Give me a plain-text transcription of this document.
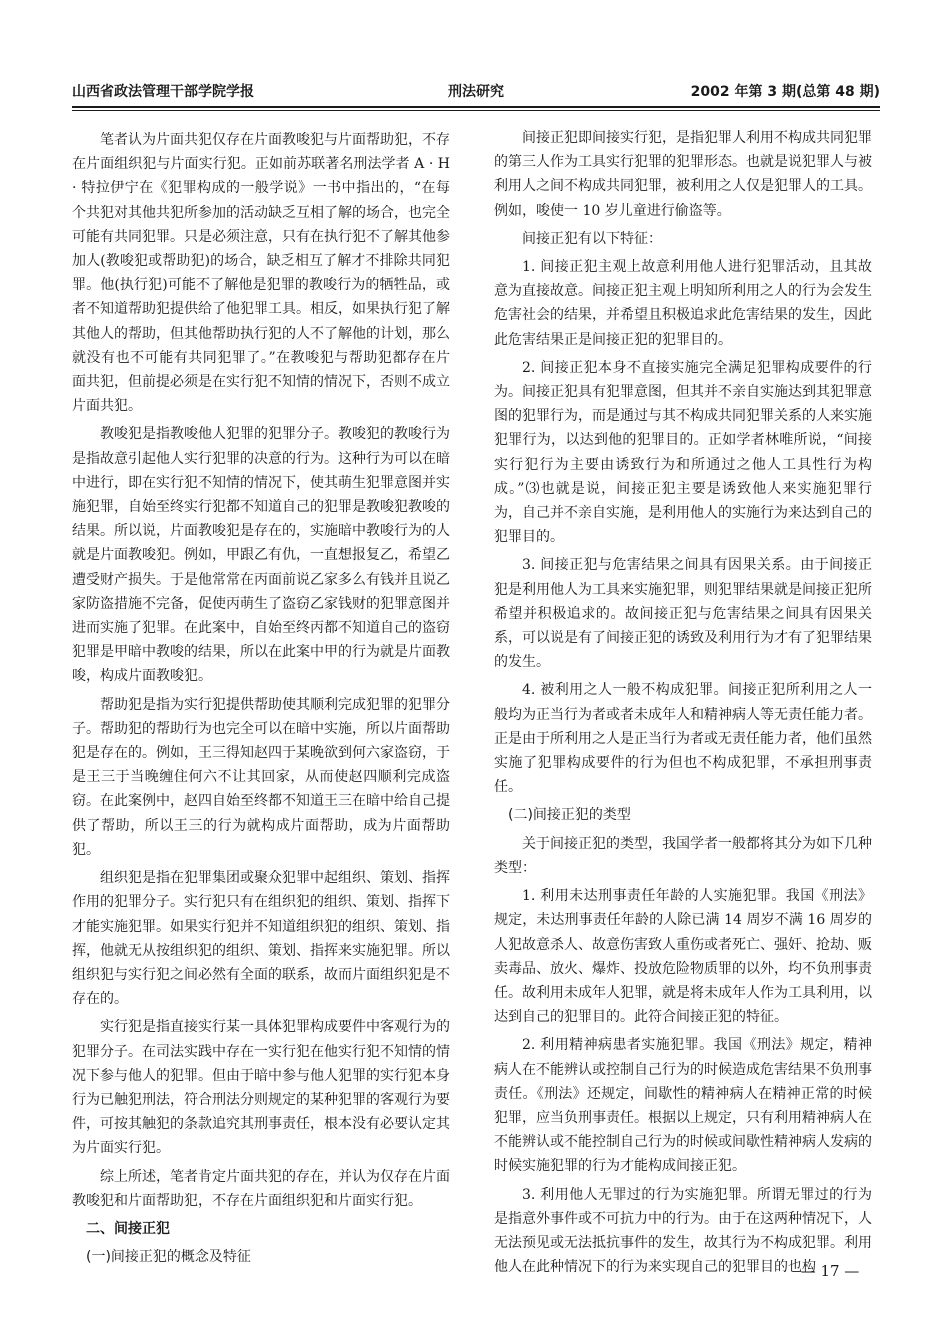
山西省政法管理干部学院学报	刑法研究	2002 年第 3 期(总第 48 期)

笔者认为片面共犯仅存在片面教唆犯与片面帮助犯，不存在片面组织犯与片面实行犯。正如前苏联著名刑法学者 A · H · 特拉伊宁在《犯罪构成的一般学说》一书中指出的，“在每个共犯对其他共犯所参加的活动缺乏互相了解的场合，也完全可能有共同犯罪。只是必须注意，只有在执行犯不了解其他参加人(教唆犯或帮助犯)的场合，缺乏相互了解才不排除共同犯罪。他(执行犯)可能不了解他是犯罪的教唆行为的牺牲品，或者不知道帮助犯提供给了他犯罪工具。相反，如果执行犯了解其他人的帮助，但其他帮助执行犯的人不了解他的计划，那么就没有也不可能有共同犯罪了。”在教唆犯与帮助犯都存在片面共犯，但前提必须是在实行犯不知情的情况下，否则不成立片面共犯。

教唆犯是指教唆他人犯罪的犯罪分子。教唆犯的教唆行为是指故意引起他人实行犯罪的决意的行为。这种行为可以在暗中进行，即在实行犯不知情的情况下，使其萌生犯罪意图并实施犯罪，自始至终实行犯都不知道自己的犯罪是教唆犯教唆的结果。所以说，片面教唆犯是存在的，实施暗中教唆行为的人就是片面教唆犯。例如，甲跟乙有仇，一直想报复乙，希望乙遭受财产损失。于是他常常在丙面前说乙家多么有钱并且说乙家防盗措施不完备，促使丙萌生了盗窃乙家钱财的犯罪意图并进而实施了犯罪。在此案中，自始至终丙都不知道自己的盗窃犯罪是甲暗中教唆的结果，所以在此案中甲的行为就是片面教唆，构成片面教唆犯。

帮助犯是指为实行犯提供帮助使其顺利完成犯罪的犯罪分子。帮助犯的帮助行为也完全可以在暗中实施，所以片面帮助犯是存在的。例如，王三得知赵四于某晚欲到何六家盗窃，于是王三于当晚缠住何六不让其回家，从而使赵四顺利完成盗窃。在此案例中，赵四自始至终都不知道王三在暗中给自己提供了帮助，所以王三的行为就构成片面帮助，成为片面帮助犯。

组织犯是指在犯罪集团或聚众犯罪中起组织、策划、指挥作用的犯罪分子。实行犯只有在组织犯的组织、策划、指挥下才能实施犯罪。如果实行犯并不知道组织犯的组织、策划、指挥，他就无从按组织犯的组织、策划、指挥来实施犯罪。所以组织犯与实行犯之间必然有全面的联系，故而片面组织犯是不存在的。

实行犯是指直接实行某一具体犯罪构成要件中客观行为的犯罪分子。在司法实践中存在一实行犯在他实行犯不知情的情况下参与他人的犯罪。但由于暗中参与他人犯罪的实行犯本身行为已触犯刑法，符合刑法分则规定的某种犯罪的客观行为要件，可按其触犯的条款追究其刑事责任，根本没有必要认定其为片面实行犯。

综上所述，笔者肯定片面共犯的存在，并认为仅存在片面教唆犯和片面帮助犯，不存在片面组织犯和片面实行犯。

二、间接正犯

(一)间接正犯的概念及特征

间接正犯即间接实行犯，是指犯罪人利用不构成共同犯罪的第三人作为工具实行犯罪的犯罪形态。也就是说犯罪人与被利用人之间不构成共同犯罪，被利用之人仅是犯罪人的工具。例如，唆使一 10 岁儿童进行偷盗等。

间接正犯有以下特征：

1. 间接正犯主观上故意利用他人进行犯罪活动，且其故意为直接故意。间接正犯主观上明知所利用之人的行为会发生危害社会的结果，并希望且积极追求此危害结果的发生，因此此危害结果正是间接正犯的犯罪目的。

2. 间接正犯本身不直接实施完全满足犯罪构成要件的行为。间接正犯具有犯罪意图，但其并不亲自实施达到其犯罪意图的犯罪行为，而是通过与其不构成共同犯罪关系的人来实施犯罪行为，以达到他的犯罪目的。正如学者林唯所说，“间接实行犯行为主要由诱致行为和所通过之他人工具性行为构成。”⑶也就是说，间接正犯主要是诱致他人来实施犯罪行为，自己并不亲自实施，是利用他人的实施行为来达到自己的犯罪目的。

3. 间接正犯与危害结果之间具有因果关系。由于间接正犯是利用他人为工具来实施犯罪，则犯罪结果就是间接正犯所希望并积极追求的。故间接正犯与危害结果之间具有因果关系，可以说是有了间接正犯的诱致及利用行为才有了犯罪结果的发生。

4. 被利用之人一般不构成犯罪。间接正犯所利用之人一般均为正当行为者或者未成年人和精神病人等无责任能力者。正是由于所利用之人是正当行为者或无责任能力者，他们虽然实施了犯罪构成要件的行为但也不构成犯罪，不承担刑事责任。

(二)间接正犯的类型

关于间接正犯的类型，我国学者一般都将其分为如下几种类型：

1. 利用未达刑事责任年龄的人实施犯罪。我国《刑法》规定，未达刑事责任年龄的人除已满 14 周岁不满 16 周岁的人犯故意杀人、故意伤害致人重伤或者死亡、强奸、抢劫、贩卖毒品、放火、爆炸、投放危险物质罪的以外，均不负刑事责任。故利用未成年人犯罪，就是将未成年人作为工具利用，以达到自己的犯罪目的。此符合间接正犯的特征。

2. 利用精神病患者实施犯罪。我国《刑法》规定，精神病人在不能辨认或控制自己行为的时候造成危害结果不负刑事责任。《刑法》还规定，间歇性的精神病人在精神正常的时候犯罪，应当负刑事责任。根据以上规定，只有利用精神病人在不能辨认或不能控制自己行为的时候或间歇性精神病人发病的时候实施犯罪的行为才能构成间接正犯。

3. 利用他人无罪过的行为实施犯罪。所谓无罪过的行为是指意外事件或不可抗力中的行为。由于在这两种情况下，人无法预见或无法抵抗事件的发生，故其行为不构成犯罪。利用他人在此种情况下的行为来实现自己的犯罪目的也构

— 17 —
